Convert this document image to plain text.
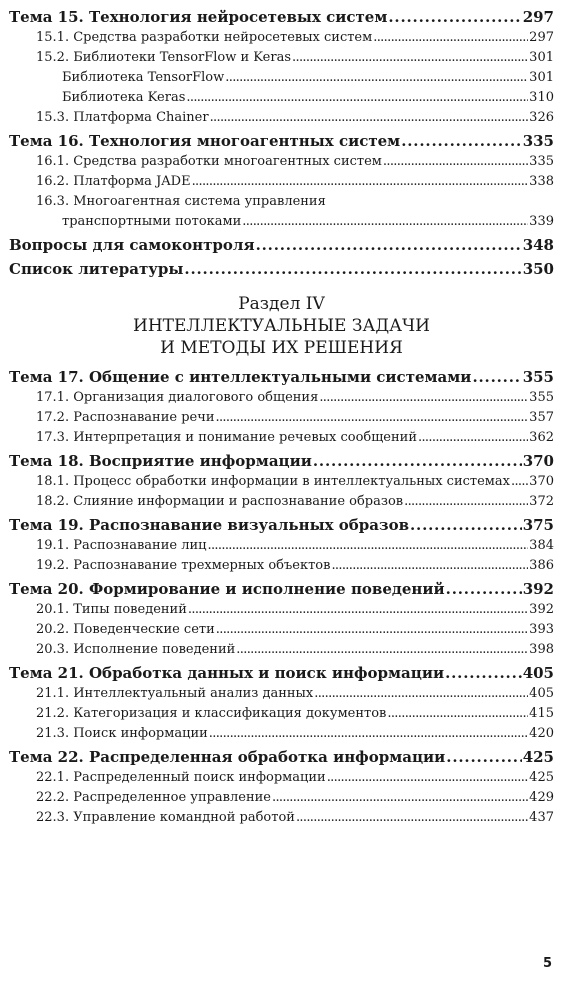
Тема 15. Технология нейросетевых систем . . .	297
15.1. Средства разработки нейросетевых систем . . .	297
15.2. Библиотеки TensorFlow и Keras . . .	301
Библиотека TensorFlow . . .	301
Библиотека Keras . . .	310
15.3. Платформа Chainer . . .	326
Тема 16. Технология многоагентных систем . . .	335
16.1. Средства разработки многоагентных систем . . .	335
16.2. Платформа JADE . . .	338
16.3. Многоагентная система управления
транспортными потоками . . .	339
Вопросы для самоконтроля . . .	348
Список литературы . . .	350
Раздел IV
ИНТЕЛЛЕКТУАЛЬНЫЕ ЗАДАЧИ
И МЕТОДЫ ИХ РЕШЕНИЯ
Тема 17. Общение с интеллектуальными системами . . .	355
17.1. Организация диалогового общения . . .	355
17.2. Распознавание речи . . .	357
17.3. Интерпретация и понимание речевых сообщений . . .	362
Тема 18. Восприятие информации . . .	370
18.1. Процесс обработки информации в интеллектуальных системах . . . 370
18.2. Слияние информации и распознавание образов . . .	372
Тема 19. Распознавание визуальных образов . . .	375
19.1. Распознавание лиц . . .	384
19.2. Распознавание трехмерных объектов . . .	386
Тема 20. Формирование и исполнение поведений . . .	392
20.1. Типы поведений . . .	392
20.2. Поведенческие сети . . .	393
20.3. Исполнение поведений . . .	398
Тема 21. Обработка данных и поиск информации . . .	405
21.1. Интеллектуальный анализ данных . . .	405
21.2. Категоризация и классификация документов . . .	415
21.3. Поиск информации . . .	420
Тема 22. Распределенная обработка информации . . .	425
22.1. Распределенный поиск информации . . .	425
22.2. Распределенное управление . . .	429
22.3. Управление командной работой . . .	437
5
